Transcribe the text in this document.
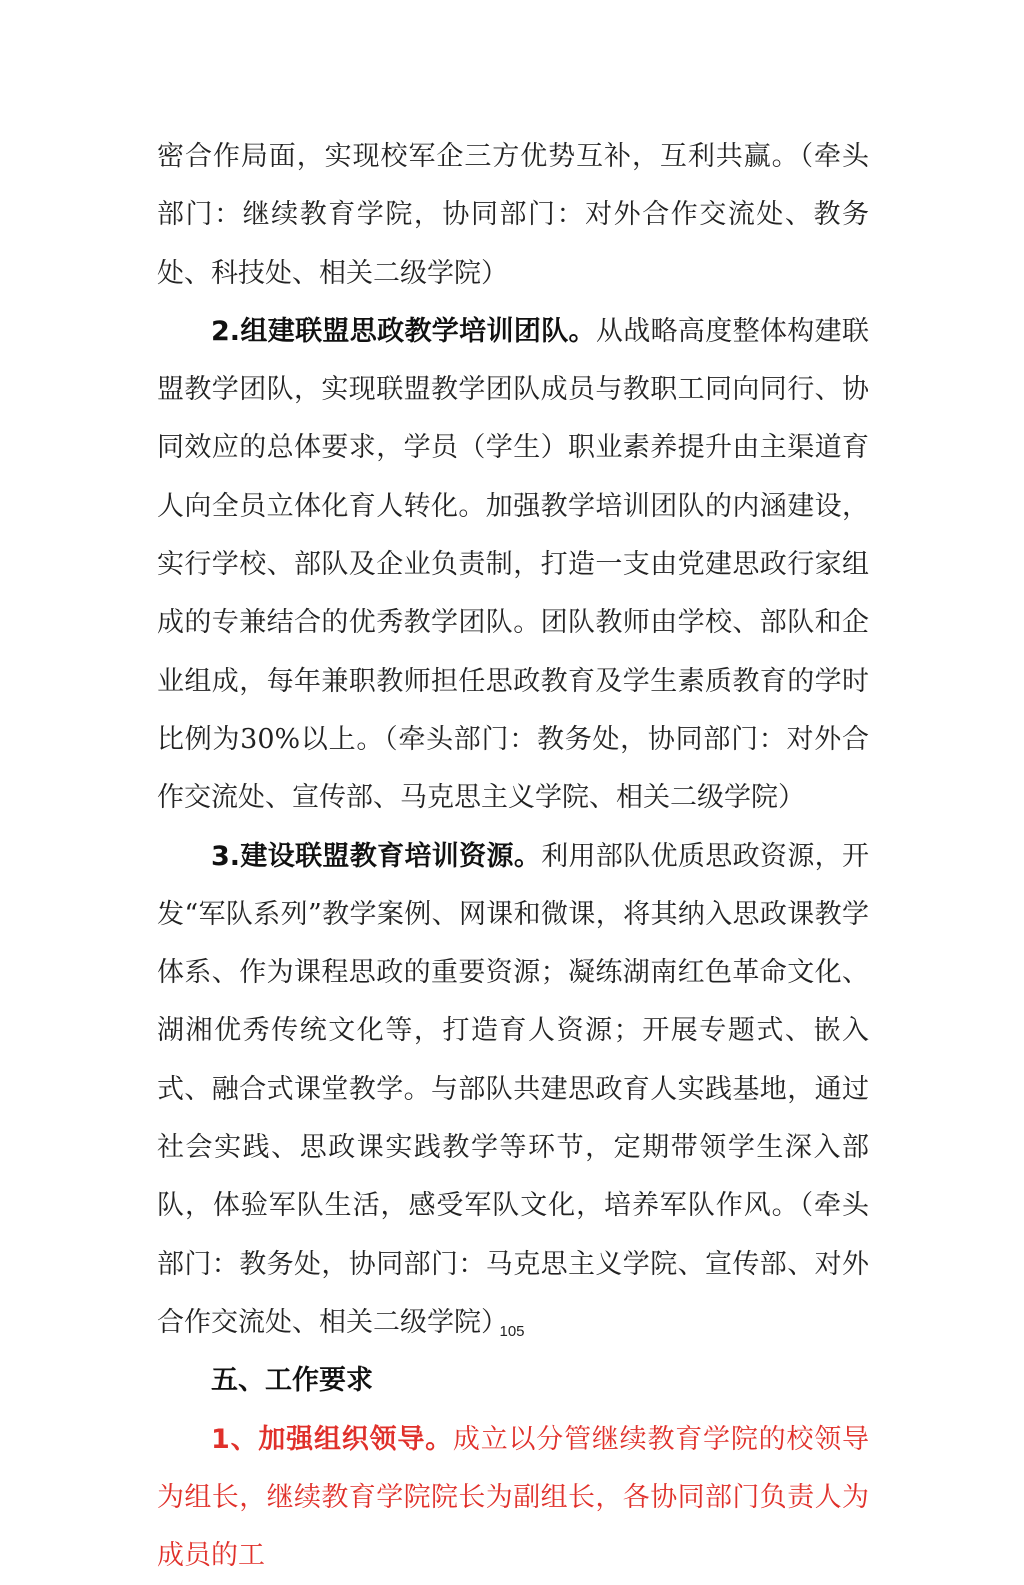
密合作局面，实现校军企三方优势互补，互利共赢。（牵头部门：继续教育学院，协同部门：对外合作交流处、教务处、科技处、相关二级学院）

2.组建联盟思政教学培训团队。从战略高度整体构建联盟教学团队，实现联盟教学团队成员与教职工同向同行、协同效应的总体要求，学员（学生）职业素养提升由主渠道育人向全员立体化育人转化。加强教学培训团队的内涵建设，实行学校、部队及企业负责制，打造一支由党建思政行家组成的专兼结合的优秀教学团队。团队教师由学校、部队和企业组成，每年兼职教师担任思政教育及学生素质教育的学时比例为30%以上。（牵头部门：教务处，协同部门：对外合作交流处、宣传部、马克思主义学院、相关二级学院）

3.建设联盟教育培训资源。利用部队优质思政资源，开发“军队系列”教学案例、网课和微课，将其纳入思政课教学体系、作为课程思政的重要资源；凝练湖南红色革命文化、湖湘优秀传统文化等，打造育人资源；开展专题式、嵌入式、融合式课堂教学。与部队共建思政育人实践基地，通过社会实践、思政课实践教学等环节，定期带领学生深入部队，体验军队生活，感受军队文化，培养军队作风。（牵头部门：教务处，协同部门：马克思主义学院、宣传部、对外合作交流处、相关二级学院）

五、工作要求

1、加强组织领导。成立以分管继续教育学院的校领导为组长，继续教育学院院长为副组长，各协同部门负责人为成员的工

105
